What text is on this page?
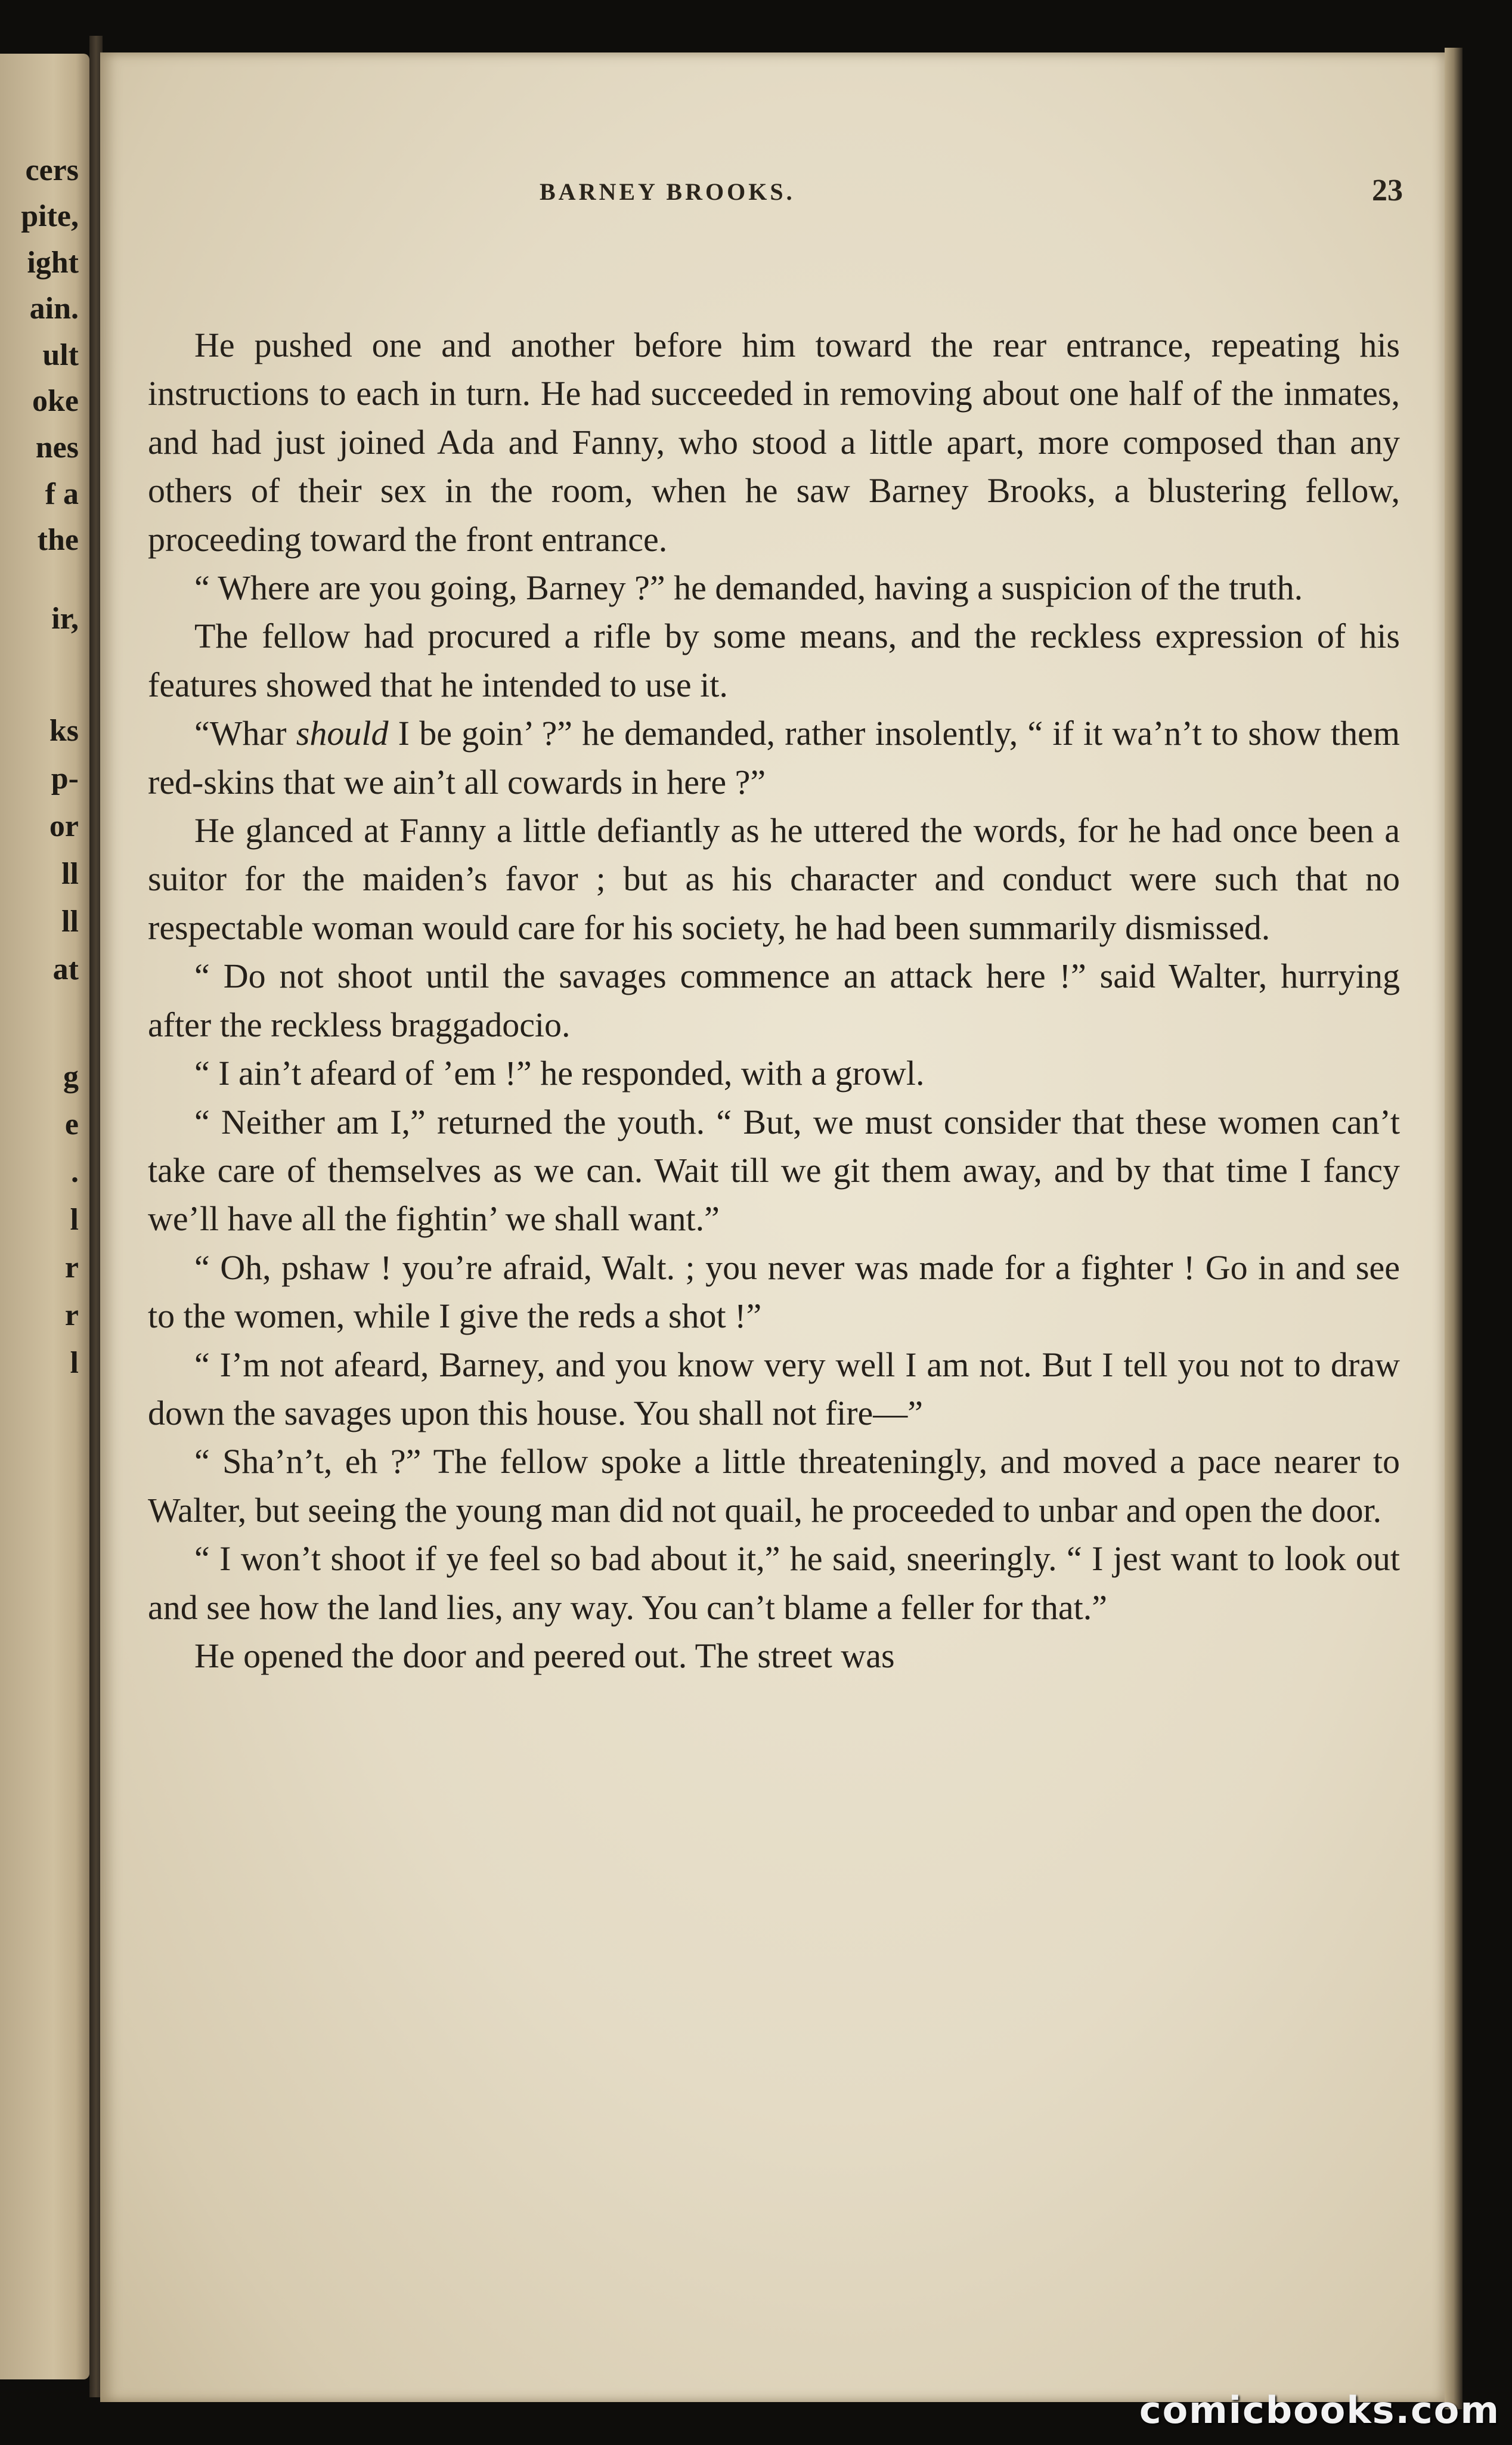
cers
pite,
ight
ain.
ult
oke
nes
f a
the
ir,
ks
p-
or
ll
ll
at
g
e
.
l
r
r
l
BARNEY BROOKS.	23

He pushed one and another before him toward the rear entrance, repeating his instructions to each in turn. He had succeeded in removing about one half of the inmates, and had just joined Ada and Fanny, who stood a little apart, more composed than any others of their sex in the room, when he saw Barney Brooks, a blustering fellow, proceeding toward the front entrance.

“ Where are you going, Barney ?” he demanded, having a suspicion of the truth.

The fellow had procured a rifle by some means, and the reckless expression of his features showed that he intended to use it.

“Whar should I be goin’ ?” he demanded, rather insolently, “ if it wa’n’t to show them red-skins that we ain’t all cowards in here ?”

He glanced at Fanny a little defiantly as he uttered the words, for he had once been a suitor for the maiden’s favor ; but as his character and conduct were such that no respectable woman would care for his society, he had been summarily dismissed.

“ Do not shoot until the savages commence an attack here !” said Walter, hurrying after the reckless braggadocio.

“ I ain’t afeard of ’em !” he responded, with a growl.

“ Neither am I,” returned the youth. “ But, we must consider that these women can’t take care of themselves as we can. Wait till we git them away, and by that time I fancy we’ll have all the fightin’ we shall want.”

“ Oh, pshaw ! you’re afraid, Walt. ; you never was made for a fighter ! Go in and see to the women, while I give the reds a shot !”

“ I’m not afeard, Barney, and you know very well I am not. But I tell you not to draw down the savages upon this house. You shall not fire—”

“ Sha’n’t, eh ?” The fellow spoke a little threateningly, and moved a pace nearer to Walter, but seeing the young man did not quail, he proceeded to unbar and open the door.

“ I won’t shoot if ye feel so bad about it,” he said, sneeringly. “ I jest want to look out and see how the land lies, any way. You can’t blame a feller for that.”

He opened the door and peered out. The street was

comicbooks.com
